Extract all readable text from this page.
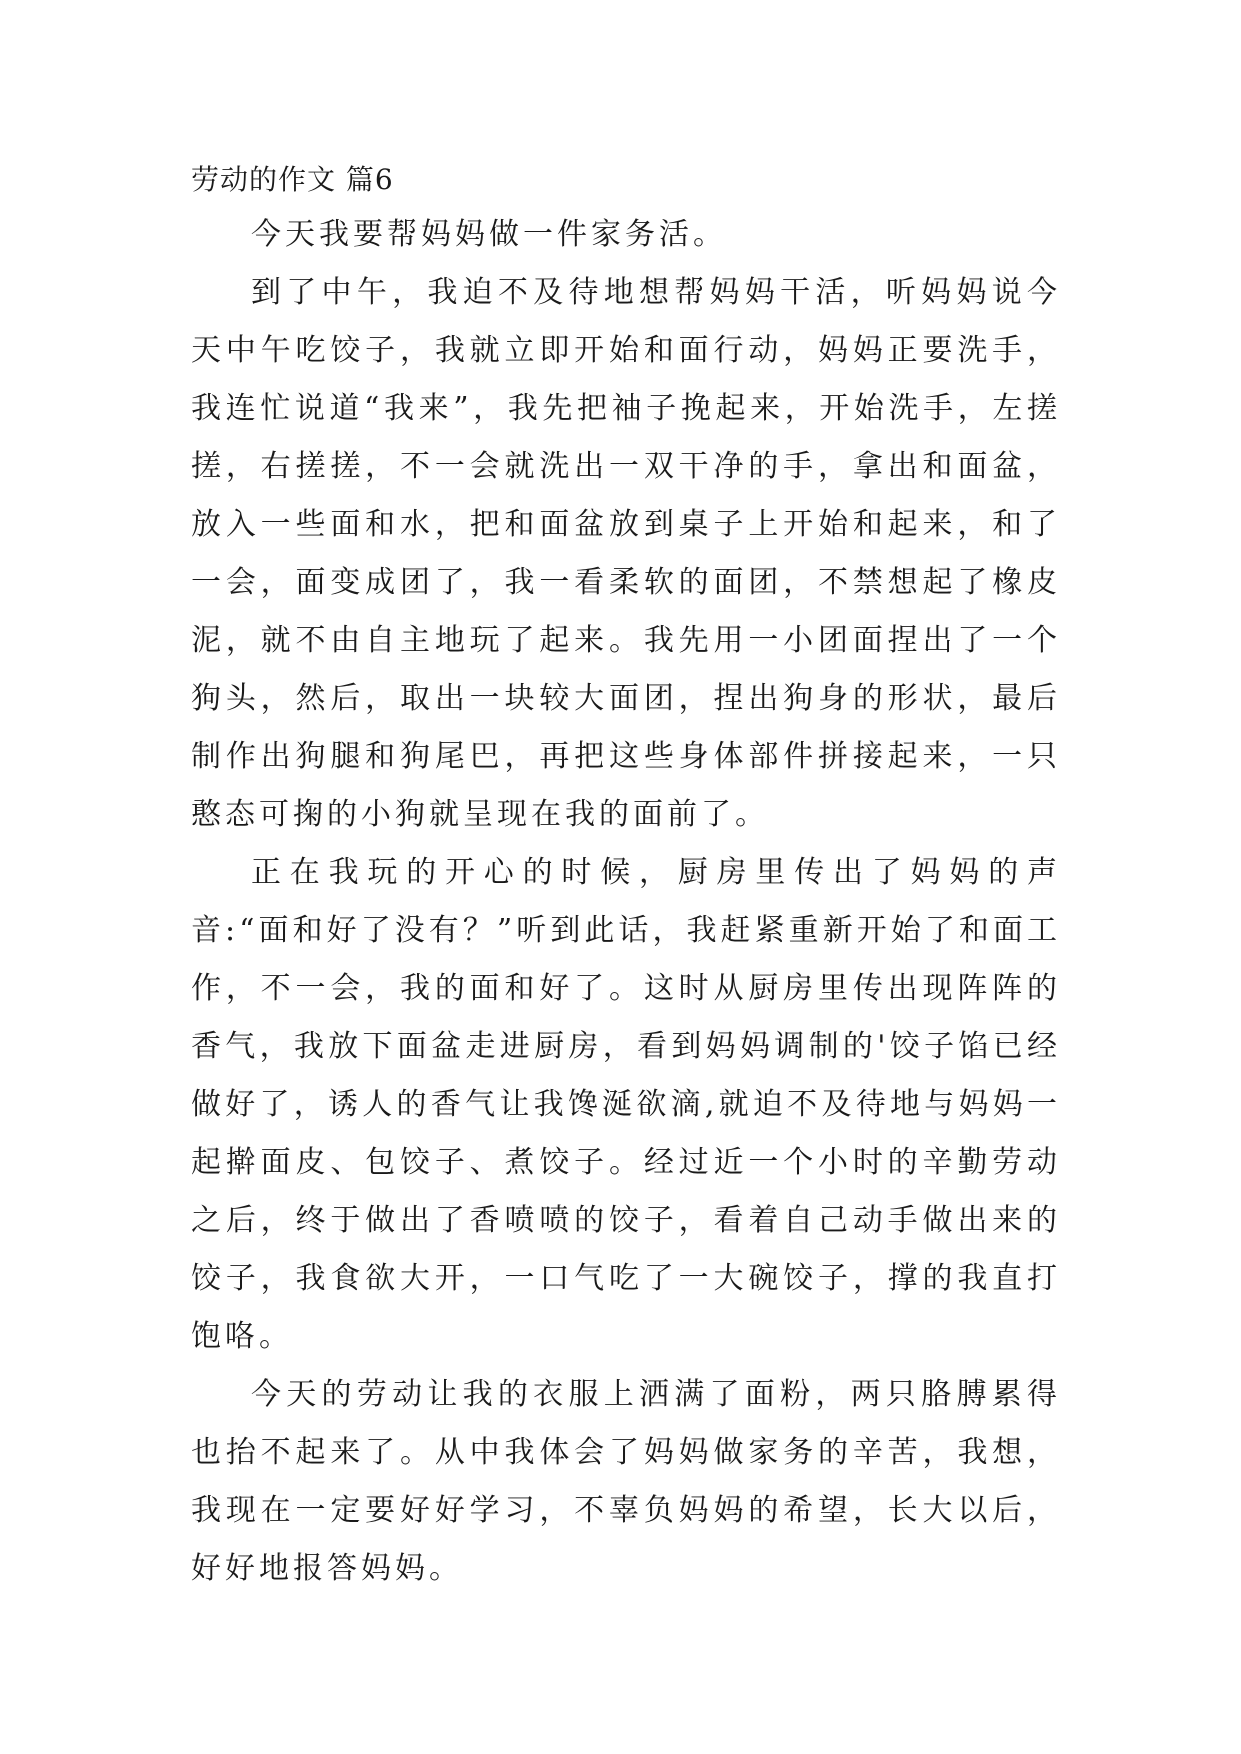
劳动的作文 篇6

今天我要帮妈妈做一件家务活。

到了中午，我迫不及待地想帮妈妈干活，听妈妈说今天中午吃饺子，我就立即开始和面行动，妈妈正要洗手，我连忙说道“我来”，我先把袖子挽起来，开始洗手，左搓搓，右搓搓，不一会就洗出一双干净的手，拿出和面盆，放入一些面和水，把和面盆放到桌子上开始和起来，和了一会，面变成团了，我一看柔软的面团，不禁想起了橡皮泥，就不由自主地玩了起来。我先用一小团面捏出了一个狗头，然后，取出一块较大面团，捏出狗身的形状，最后制作出狗腿和狗尾巴，再把这些身体部件拼接起来，一只憨态可掬的小狗就呈现在我的面前了。

正在我玩的开心的时候，厨房里传出了妈妈的声音:“面和好了没有？”听到此话，我赶紧重新开始了和面工作，不一会，我的面和好了。这时从厨房里传出现阵阵的香气，我放下面盆走进厨房，看到妈妈调制的'饺子馅已经做好了，诱人的香气让我馋涎欲滴,就迫不及待地与妈妈一起擀面皮、包饺子、煮饺子。经过近一个小时的辛勤劳动之后，终于做出了香喷喷的饺子，看着自己动手做出来的饺子，我食欲大开，一口气吃了一大碗饺子，撑的我直打饱咯。

今天的劳动让我的衣服上洒满了面粉，两只胳膊累得也抬不起来了。从中我体会了妈妈做家务的辛苦，我想，我现在一定要好好学习，不辜负妈妈的希望，长大以后，好好地报答妈妈。
